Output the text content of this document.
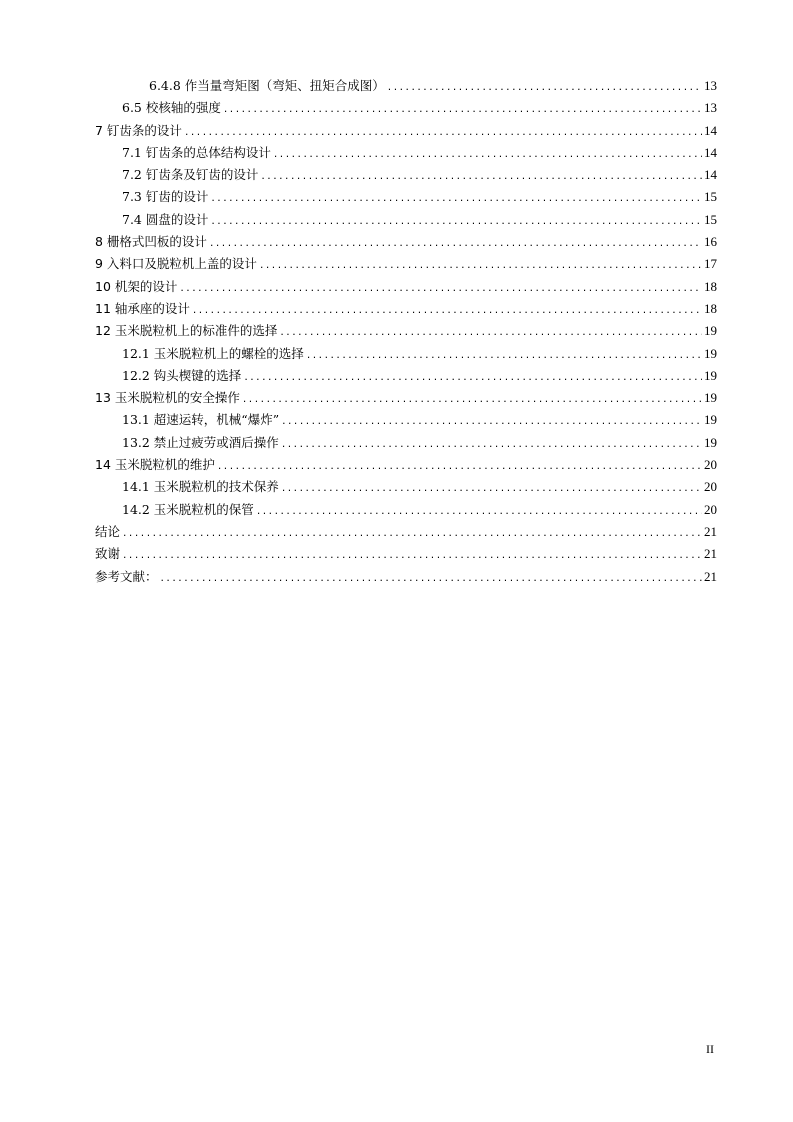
6.4.8 作当量弯矩图（弯矩、扭矩合成图） .....	13
6.5 校核轴的强度 .....	13
7 钉齿条的设计 .....	14
7.1 钉齿条的总体结构设计 .....	14
7.2 钉齿条及钉齿的设计 .....	14
7.3 钉齿的设计 .....	15
7.4 圆盘的设计 .....	15
8 栅格式凹板的设计 .....	16
9 入料口及脱粒机上盖的设计 .....	17
10 机架的设计 .....	18
11 轴承座的设计 .....	18
12 玉米脱粒机上的标准件的选择 .....	19
12.1 玉米脱粒机上的螺栓的选择 .....	19
12.2 钩头楔键的选择 .....	19
13 玉米脱粒机的安全操作 .....	19
13.1 超速运转，机械“爆炸” .....	19
13.2 禁止过疲劳或酒后操作 .....	19
14 玉米脱粒机的维护 .....	20
14.1 玉米脱粒机的技术保养 .....	20
14.2 玉米脱粒机的保管 .....	20
结论 .....	21
致谢 .....	21
参考文献： .....	21
II
